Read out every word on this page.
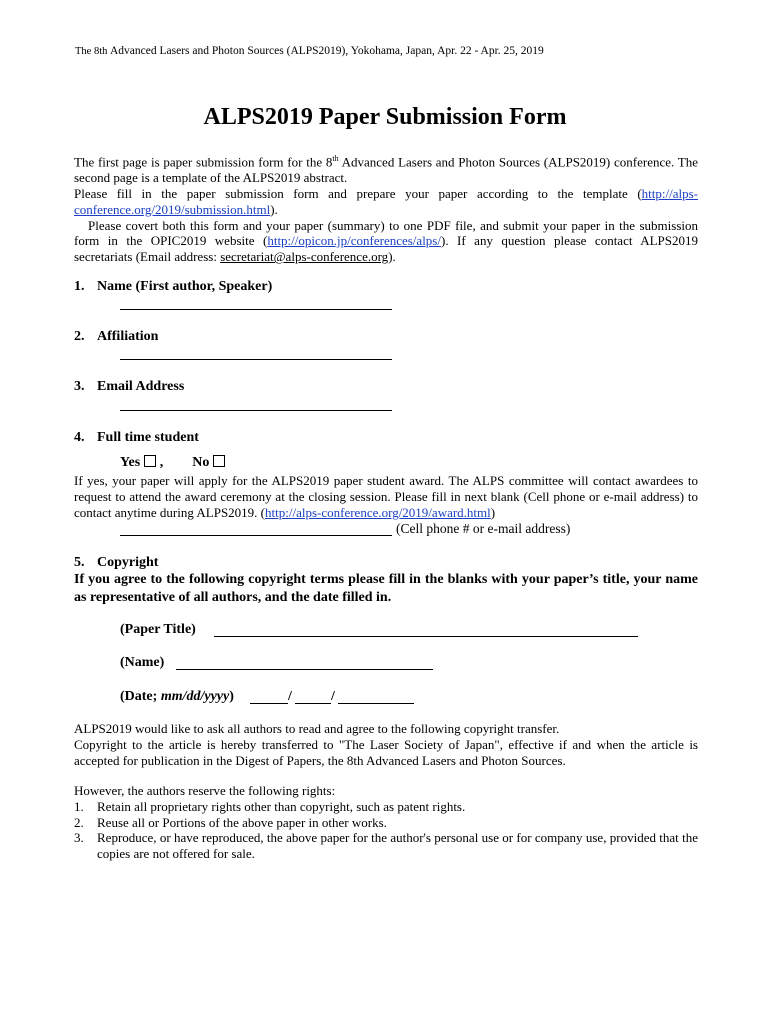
The 8th Advanced Lasers and Photon Sources (ALPS2019), Yokohama, Japan, Apr. 22 - Apr. 25, 2019
ALPS2019 Paper Submission Form

The first page is paper submission form for the 8th Advanced Lasers and Photon Sources (ALPS2019) conference. The second page is a template of the ALPS2019 abstract.

Please fill in the paper submission form and prepare your paper according to the template (http://alps-conference.org/2019/submission.html).

Please covert both this form and your paper (summary) to one PDF file, and submit your paper in the submission form in the OPIC2019 website (http://opicon.jp/conferences/alps/). If any question please contact ALPS2019 secretariats (Email address: secretariat@alps-conference.org).

1. Name (First author, Speaker)
2. Affiliation
3. Email Address
4. Full time student
Yes , No

If yes, your paper will apply for the ALPS2019 paper student award. The ALPS committee will contact awardees to request to attend the award ceremony at the closing session. Please fill in next blank (Cell phone or e-mail address) to contact anytime during ALPS2019. (http://alps-conference.org/2019/award.html)

(Cell phone # or e-mail address)
5. Copyright
If you agree to the following copyright terms please fill in the blanks with your paper’s title, your name as representative of all authors, and the date filled in.
(Paper Title)
(Name)
(Date; mm/dd/yyyy)	/	/

ALPS2019 would like to ask all authors to read and agree to the following copyright transfer.

Copyright to the article is hereby transferred to "The Laser Society of Japan", effective if and when the article is accepted for publication in the Digest of Papers, the 8th Advanced Lasers and Photon Sources.

However, the authors reserve the following rights:
1.	Retain all proprietary rights other than copyright, such as patent rights.
2.	Reuse all or Portions of the above paper in other works.
3.	Reproduce, or have reproduced, the above paper for the author's personal use or for company use, provided that the copies are not offered for sale.
